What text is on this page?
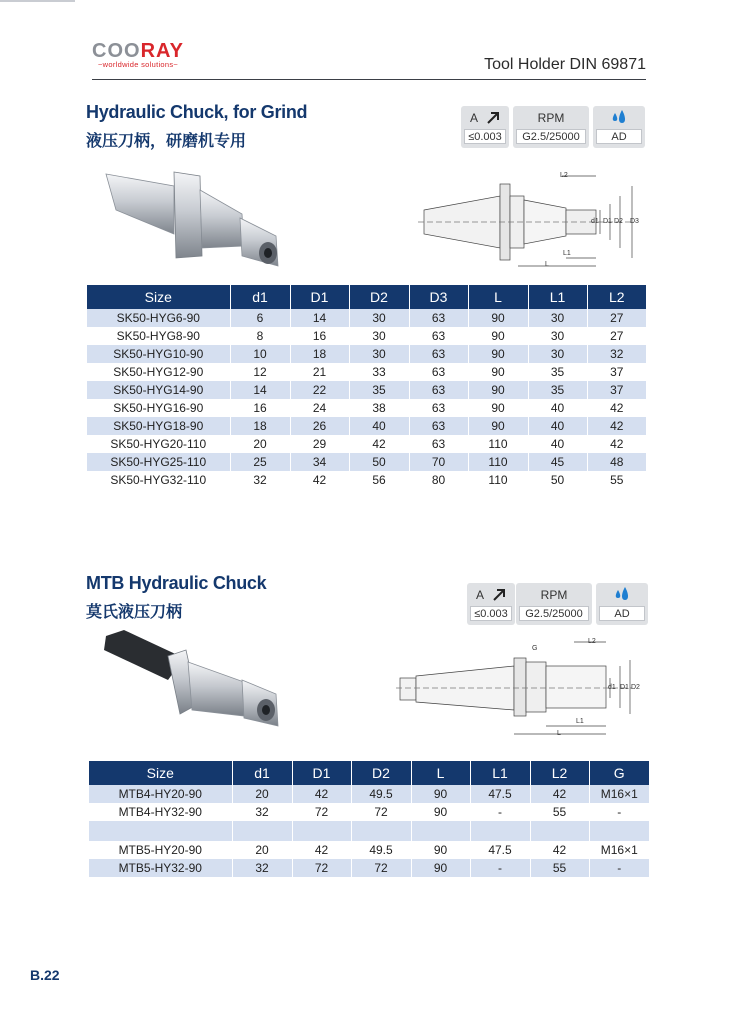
COORAY
~worldwide solutions~	Tool Holder DIN 69871
Hydraulic Chuck, for Grind
液压刀柄，研磨机专用
A
≤0.003
RPM
G2.5/25000	AD
L2
d1 D1 D2 D3
L1
L
Size	d1	D1	D2	D3	L	L1	L2
SK50-HYG6-90	6	14	30	63	90	30	27
SK50-HYG8-90	8	16	30	63	90	30	27
SK50-HYG10-90	10	18	30	63	90	30	32
SK50-HYG12-90	12	21	33	63	90	35	37
SK50-HYG14-90	14	22	35	63	90	35	37
SK50-HYG16-90	16	24	38	63	90	40	42
SK50-HYG18-90	18	26	40	63	90	40	42
SK50-HYG20-110	20	29	42	63	110	40	42
SK50-HYG25-110	25	34	50	70	110	45	48
SK50-HYG32-110	32	42	56	80	110	50	55
MTB Hydraulic Chuck
莫氏液压刀柄
A
≤0.003
RPM
G2.5/25000	AD
G
L2
d1 D1 D2
L1
L
Size	d1	D1	D2	L	L1	L2	G
MTB4-HY20-90	20	42	49.5	90	47.5	42	M16×1
MTB4-HY32-90	32	72	72	90	-	55	-

MTB5-HY20-90	20	42	49.5	90	47.5	42	M16×1
MTB5-HY32-90	32	72	72	90	-	55	-
B.22
